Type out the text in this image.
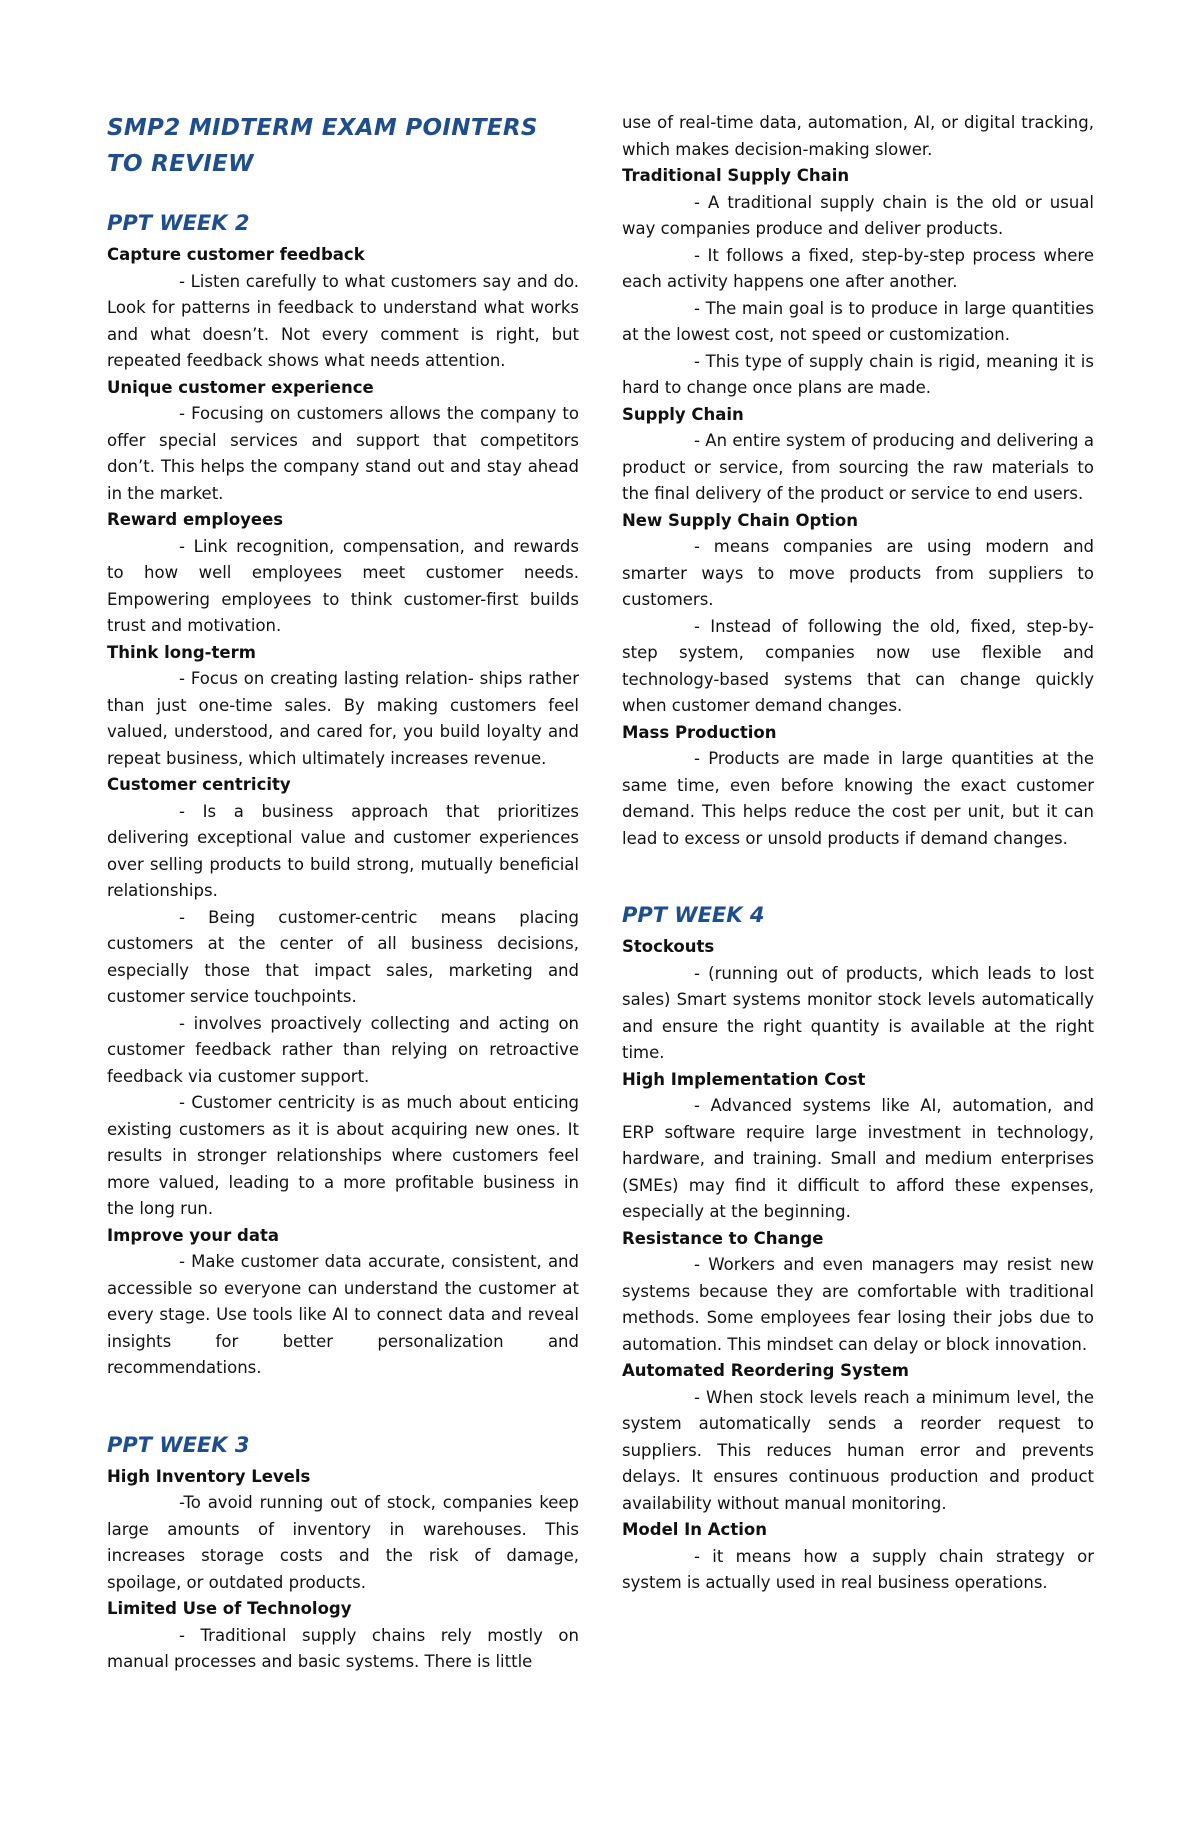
SMP2 MIDTERM EXAM POINTERS TO REVIEW
PPT WEEK 2

Capture customer feedback

- Listen carefully to what customers say and do. Look for patterns in feedback to understand what works and what doesn’t. Not every comment is right, but repeated feedback shows what needs attention.

Unique customer experience

- Focusing on customers allows the company to offer special services and support that competitors don’t. This helps the company stand out and stay ahead in the market.

Reward employees

- Link recognition, compensation, and rewards to how well employees meet customer needs. Empowering employees to think customer-first builds trust and motivation.

Think long-term

- Focus on creating lasting relation- ships rather than just one-time sales. By making customers feel valued, understood, and cared for, you build loyalty and repeat business, which ultimately increases revenue.

Customer centricity

- Is a business approach that prioritizes delivering exceptional value and customer experiences over selling products to build strong, mutually beneficial relationships.

- Being customer-centric means placing customers at the center of all business decisions, especially those that impact sales, marketing and customer service touchpoints.

- involves proactively collecting and acting on customer feedback rather than relying on retroactive feedback via customer support.

- Customer centricity is as much about enticing existing customers as it is about acquiring new ones. It results in stronger relationships where customers feel more valued, leading to a more profitable business in the long run.

Improve your data

- Make customer data accurate, consistent, and accessible so everyone can understand the customer at every stage. Use tools like AI to connect data and reveal insights for better personalization and recommendations.

PPT WEEK 3

High Inventory Levels

-To avoid running out of stock, companies keep large amounts of inventory in warehouses. This increases storage costs and the risk of damage, spoilage, or outdated products.

Limited Use of Technology

- Traditional supply chains rely mostly on manual processes and basic systems. There is little

use of real-time data, automation, AI, or digital tracking, which makes decision-making slower.

Traditional Supply Chain

- A traditional supply chain is the old or usual way companies produce and deliver products.

- It follows a fixed, step-by-step process where each activity happens one after another.

- The main goal is to produce in large quantities at the lowest cost, not speed or customization.

- This type of supply chain is rigid, meaning it is hard to change once plans are made.

Supply Chain

- An entire system of producing and delivering a product or service, from sourcing the raw materials to the final delivery of the product or service to end users.

New Supply Chain Option

- means companies are using modern and smarter ways to move products from suppliers to customers.

- Instead of following the old, fixed, step-by-step system, companies now use flexible and technology-based systems that can change quickly when customer demand changes.

Mass Production

- Products are made in large quantities at the same time, even before knowing the exact customer demand. This helps reduce the cost per unit, but it can lead to excess or unsold products if demand changes.

PPT WEEK 4

Stockouts

- (running out of products, which leads to lost sales) Smart systems monitor stock levels automatically and ensure the right quantity is available at the right time.

High Implementation Cost

- Advanced systems like AI, automation, and ERP software require large investment in technology, hardware, and training. Small and medium enterprises (SMEs) may find it difficult to afford these expenses, especially at the beginning.

Resistance to Change

- Workers and even managers may resist new systems because they are comfortable with traditional methods. Some employees fear losing their jobs due to automation. This mindset can delay or block innovation.

Automated Reordering System

- When stock levels reach a minimum level, the system automatically sends a reorder request to suppliers. This reduces human error and prevents delays. It ensures continuous production and product availability without manual monitoring.

Model In Action

- it means how a supply chain strategy or system is actually used in real business operations.
